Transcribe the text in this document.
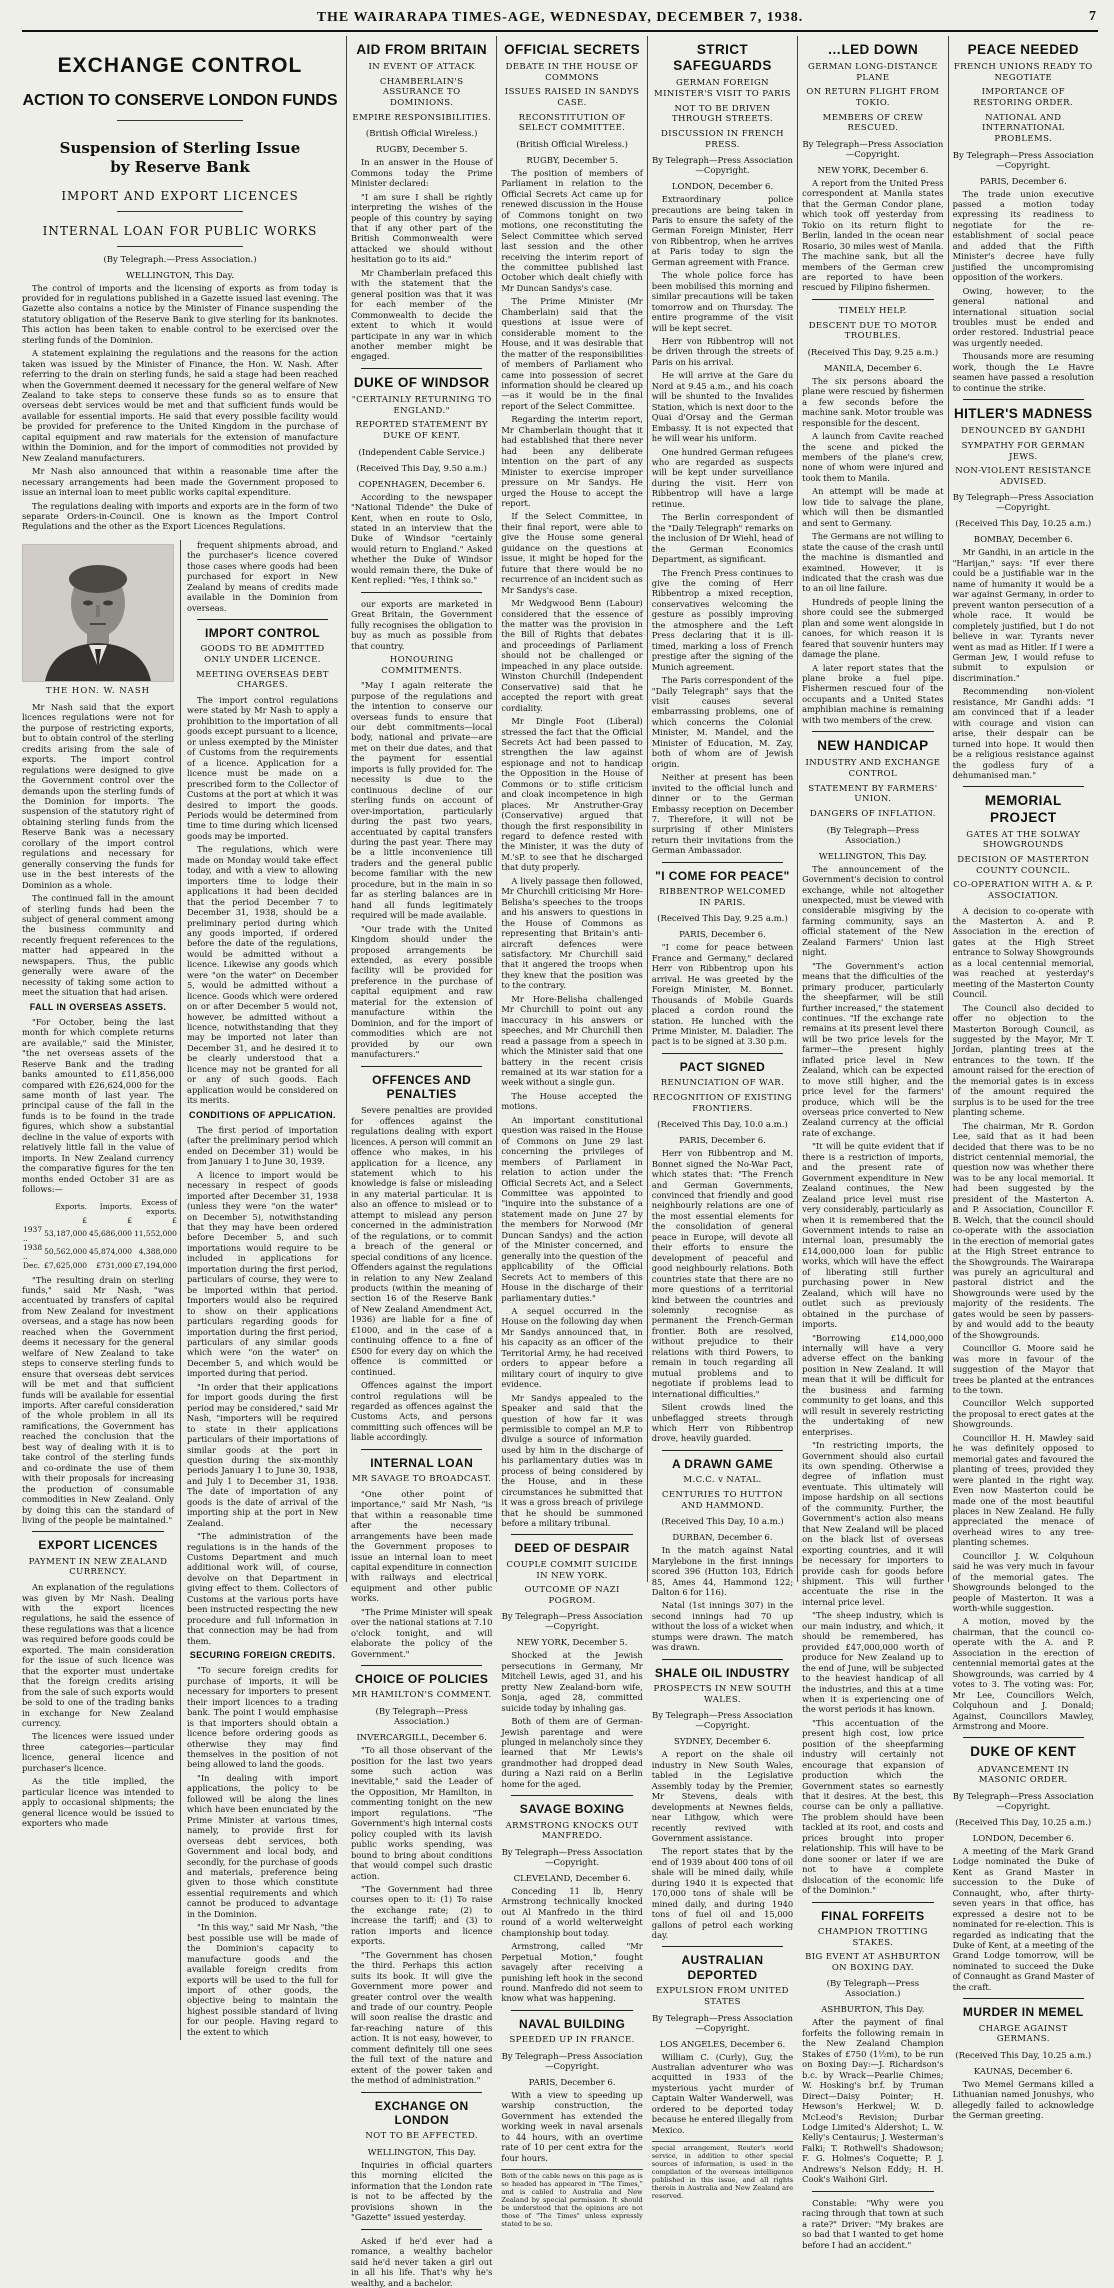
THE WAIRARAPA TIMES-AGE, WEDNESDAY, DECEMBER 7, 1938.	7
EXCHANGE CONTROL
ACTION TO CONSERVE LONDON FUNDS
Suspension of Sterling Issue
by Reserve Bank
IMPORT AND EXPORT LICENCES
INTERNAL LOAN FOR PUBLIC WORKS
(By Telegraph.—Press Association.)
WELLINGTON, This Day.

The control of imports and the licensing of exports as from today is provided for in regulations published in a Gazette issued last evening. The Gazette also contains a notice by the Minister of Finance suspending the statutory obligation of the Reserve Bank to give sterling for its banknotes. This action has been taken to enable control to be exercised over the sterling funds of the Dominion.

A statement explaining the regulations and the reasons for the action taken was issued by the Minister of Finance, the Hon. W. Nash. After referring to the drain on sterling funds, he said a stage had been reached when the Government deemed it necessary for the general welfare of New Zealand to take steps to conserve these funds so as to ensure that overseas debt services would be met and that sufficient funds would be available for essential imports. He said that every possible facility would be provided for preference to the United Kingdom in the purchase of capital equipment and raw materials for the extension of manufacture within the Dominion, and for the import of commodities not provided by New Zealand manufacturers.

Mr Nash also announced that within a reasonable time after the necessary arrangements had been made the Government proposed to issue an internal loan to meet public works capital expenditure.

The regulations dealing with imports and exports are in the form of two separate Orders-in-Council. One is known as the Import Control Regulations and the other as the Export Licences Regulations.

THE HON. W. NASH

Mr Nash said that the export licences regulations were not for the purpose of restricting exports, but to obtain control of the sterling credits arising from the sale of exports. The import control regulations were designed to give the Government control over the demands upon the sterling funds of the Dominion for imports. The suspension of the statutory right of obtaining sterling funds from the Reserve Bank was a necessary corollary of the import control regulations and necessary for generally conserving the funds for use in the best interests of the Dominion as a whole.

The continued fall in the amount of sterling funds had been the subject of general comment among the business community and recently frequent references to the matter had appeared in the newspapers. Thus, the public generally were aware of the necessity of taking some action to meet the situation that had arisen.

FALL IN OVERSEAS ASSETS.

"For October, being the last month for which complete returns are available," said the Minister, "the net overseas assets of the Reserve Bank and the trading banks amounted to £11,856,000 compared with £26,624,000 for the same month of last year. The principal cause of the fall in the funds is to be found in the trade figures, which show a substantial decline in the value of exports with relatively little fall in the value of imports. In New Zealand currency the comparative figures for the ten months ended October 31 are as follows:—

	Exports.	Imports.	Excess of exports.
	£	£	£
1937 ..	53,187,000	45,686,000	11,552,000
1938 ..	50,562,000	45,874,000	4,388,000
Dec.	£7,625,000	£731,000	£7,194,000

"The resulting drain on sterling funds," said Mr Nash, "was accentuated by transfers of capital from New Zealand for investment overseas, and a stage has now been reached when the Government deems it necessary for the general welfare of New Zealand to take steps to conserve sterling funds to ensure that overseas debt services will be met and that sufficient funds will be available for essential imports. After careful consideration of the whole problem in all its ramifications, the Government has reached the conclusion that the best way of dealing with it is to take control of the sterling funds and co-ordinate the use of them with their proposals for increasing the production of consumable commodities in New Zealand. Only by doing this can the standard of living of the people be maintained."

EXPORT LICENCES
PAYMENT IN NEW ZEALAND CURRENCY.

An explanation of the regulations was given by Mr Nash. Dealing with the export licences regulations, he said the essence of these regulations was that a licence was required before goods could be exported. The main consideration for the issue of such licence was that the exporter must undertake that the foreign credits arising from the sale of such exports would be sold to one of the trading banks in exchange for New Zealand currency.

The licences were issued under three categories—particular licence, general licence and purchaser's licence.

As the title implied, the particular licence was intended to apply to occasional shipments; the general licence would be issued to exporters who made

frequent shipments abroad, and the purchaser's licence covered those cases where goods had been purchased for export in New Zealand by means of credits made available in the Dominion from overseas.

IMPORT CONTROL
GOODS TO BE ADMITTED ONLY UNDER LICENCE.
MEETING OVERSEAS DEBT CHARGES.

The import control regulations were stated by Mr Nash to apply a prohibition to the importation of all goods except pursuant to a licence, or unless exempted by the Minister of Customs from the requirements of a licence. Application for a licence must be made on a prescribed form to the Collector of Customs at the port at which it was desired to import the goods. Periods would be determined from time to time during which licensed goods may be imported.

The regulations, which were made on Monday would take effect today, and with a view to allowing importers time to lodge their applications it had been decided that the period December 7 to December 31, 1938, should be a preliminary period during which any goods imported, if ordered before the date of the regulations, would be admitted without a licence. Likewise any goods which were "on the water" on December 5, would be admitted without a licence. Goods which were ordered on or after December 5 would not, however, be admitted without a licence, notwithstanding that they may be imported not later than December 31, and he desired it to be clearly understood that a licence may not be granted for all or any of such goods. Each application would be considered on its merits.

CONDITIONS OF APPLICATION.

The first period of importation (after the preliminary period which ended on December 31) would be from January 1 to June 30, 1939.

A licence to import would be necessary in respect of goods imported after December 31, 1938 (unless they were "on the water" on December 5), notwithstanding that they may have been ordered before December 5, and such importations would require to be included in applications for importation during the first period, particulars of course, they were to be imported within that period. Importers would also be required to show on their applications particulars regarding goods for importation during the first period, particulars of any similar goods which were "on the water" on December 5, and which would be imported during that period.

"In order that their applications for import goods during the first period may be considered," said Mr Nash, "importers will be required to state in their applications particulars of their importations of similar goods at the port in question during the six-monthly periods January 1 to June 30, 1938, and July 1 to December 31, 1938. The date of importation of any goods is the date of arrival of the importing ship at the port in New Zealand.

"The administration of the regulations is in the hands of the Customs Department and much additional work will, of course, devolve on that Department in giving effect to them. Collectors of Customs at the various ports have been instructed respecting the new procedure and full information in that connection may be had from them.

SECURING FOREIGN CREDITS.

"To secure foreign credits for purchase of imports, it will be necessary for importers to present their import licences to a trading bank. The point I would emphasise is that importers should obtain a licence before ordering goods as otherwise they may find themselves in the position of not being allowed to land the goods.

"In dealing with import applications, the policy to be followed will be along the lines which have been enunciated by the Prime Minister at various times, namely, to provide first for overseas debt services, both Government and local body, and secondly, for the purchase of goods and materials, preference being given to those which constitute essential requirements and which cannot be produced to advantage in the Dominion.

"In this way," said Mr Nash, "the best possible use will be made of the Dominion's capacity to manufacture goods and the available foreign credits from exports will be used to the full for import of other goods, the objective being to maintain the highest possible standard of living for our people. Having regard to the extent to which

AID FROM BRITAIN
IN EVENT OF ATTACK
CHAMBERLAIN'S ASSURANCE TO DOMINIONS.
EMPIRE RESPONSIBILITIES.
(British Official Wireless.)
RUGBY, December 5.

In an answer in the House of Commons today the Prime Minister declared:

"I am sure I shall be rightly interpreting the wishes of the people of this country by saying that if any other part of the British Commonwealth were attacked we should without hesitation go to its aid."

Mr Chamberlain prefaced this with the statement that the general position was that it was for each member of the Commonwealth to decide the extent to which it would participate in any war in which another member might be engaged.

DUKE OF WINDSOR
"CERTAINLY RETURNING TO ENGLAND."
REPORTED STATEMENT BY DUKE OF KENT.
(Independent Cable Service.)
(Received This Day, 9.50 a.m.)
COPENHAGEN, December 6.

According to the newspaper "National Tidende" the Duke of Kent, when en route to Oslo, stated in an interview that the Duke of Windsor "certainly would return to England." Asked whether the Duke of Windsor would remain there, the Duke of Kent replied: "Yes, I think so."

our exports are marketed in Great Britain, the Government fully recognises the obligation to buy as much as possible from that country.

HONOURING COMMITMENTS.

"May I again reiterate the purpose of the regulations and the intention to conserve our overseas funds to ensure that our debt commitments—local body, national and private—are met on their due dates, and that the payment for essential imports is fully provided for. The necessity is due to the continuous decline of our sterling funds on account of over-importation, particularly during the past two years, accentuated by capital transfers during the past year. There may be a little inconvenience till traders and the general public become familiar with the new procedure, but in the main in so far as sterling balances are in hand all funds legitimately required will be made available.

"Our trade with the United Kingdom should under the proposed arrangements be extended, as every possible facility will be provided for preference in the purchase of capital equipment and raw material for the extension of manufacture within the Dominion, and for the import of commodities which are not provided by our own manufacturers."

OFFENCES AND PENALTIES

Severe penalties are provided for offences against the regulations dealing with export licences. A person will commit an offence who makes, in his application for a licence, any statement which to his knowledge is false or misleading in any material particular. It is also an offence to mislead or to attempt to mislead any person concerned in the administration of the regulations, or to commit a breach of the general or special conditions of any licence. Offenders against the regulations in relation to any New Zealand products (within the meaning of section 16 of the Reserve Bank of New Zealand Amendment Act, 1936) are liable for a fine of £1000, and in the case of a continuing offence to a fine of £500 for every day on which the offence is committed or continued.

Offences against the import control regulations will be regarded as offences against the Customs Acts, and persons committing such offences will be liable accordingly.

INTERNAL LOAN
MR SAVAGE TO BROADCAST.

"One other point of importance," said Mr Nash, "is that within a reasonable time after the necessary arrangements have been made the Government proposes to issue an internal loan to meet capital expenditure in connection with railways and electrical equipment and other public works.

"The Prime Minister will speak over the national stations at 7.10 o'clock tonight, and will elaborate the policy of the Government."

CHOICE OF POLICIES
MR HAMILTON'S COMMENT.
(By Telegraph—Press Association.)
INVERCARGILL, December 6.

"To all those observant of the position for the last two years some such action was inevitable," said the Leader of the Opposition, Mr Hamilton, in commenting tonight on the new import regulations. "The Government's high internal costs policy coupled with its lavish public works spending, was bound to bring about conditions that would compel such drastic action.

"The Government had three courses open to it: (1) To raise the exchange rate; (2) to increase the tariff; and (3) to ration imports and licence exports.

"The Government has chosen the third. Perhaps this action suits its book. It will give the Government more power and greater control over the wealth and trade of our country. People will soon realise the drastic and far-reaching nature of this action. It is not easy, however, to comment definitely till one sees the full text of the nature and extent of the power taken and the method of administration."

EXCHANGE ON LONDON
NOT TO BE AFFECTED.
WELLINGTON, This Day.

Inquiries in official quarters this morning elicited the information that the London rate is not to be affected by the provisions shown in the "Gazette" issued yesterday.

Asked if he'd ever had a romance, a wealthy bachelor said he'd never taken a girl out in all his life. That's why he's wealthy, and a bachelor.

OFFICIAL SECRETS
DEBATE IN THE HOUSE OF COMMONS
ISSUES RAISED IN SANDYS CASE.
RECONSTITUTION OF SELECT COMMITTEE.
(British Official Wireless.)
RUGBY, December 5.

The position of members of Parliament in relation to the Official Secrets Act came up for renewed discussion in the House of Commons tonight on two motions, one reconstituting the Select Committee which served last session and the other receiving the interim report of the committee published last October which dealt chiefly with Mr Duncan Sandys's case.

The Prime Minister (Mr Chamberlain) said that the questions at issue were of considerable moment to the House, and it was desirable that the matter of the responsibilities of members of Parliament who came into possession of secret information should be cleared up—as it would be in the final report of the Select Committee.

Regarding the interim report, Mr Chamberlain thought that it had established that there never had been any deliberate intention on the part of any Minister to exercise improper pressure on Mr Sandys. He urged the House to accept the report.

If the Select Committee, in their final report, were able to give the House some general guidance on the questions at issue, it might be hoped for the future that there would be no recurrence of an incident such as Mr Sandys's case.

Mr Wedgwood Benn (Labour) considered that the essence of the matter was the provision in the Bill of Rights that debates and proceedings of Parliament should not be challenged or impeached in any place outside. Winston Churchill (Independent Conservative) said that he accepted the report with great cordiality.

Mr Dingle Foot (Liberal) stressed the fact that the Official Secrets Act had been passed to strengthen the law against espionage and not to handicap the Opposition in the House of Commons or to stifle criticism and cloak incompetence in high places. Mr Anstruther-Gray (Conservative) argued that though the first responsibility in regard to defence rested with the Minister, it was the duty of M.'sP. to see that he discharged that duty properly.

A lively passage then followed, Mr Churchill criticising Mr Hore-Belisha's speeches to the troops and his answers to questions in the House of Commons as representing that Britain's anti-aircraft defences were satisfactory. Mr Churchill said that it angered the troops when they knew that the position was to the contrary.

Mr Hore-Belisha challenged Mr Churchill to point out any inaccuracy in his answers or speeches, and Mr Churchill then read a passage from a speech in which the Minister said that one battery in the recent crisis remained at its war station for a week without a single gun.

The House accepted the motions.

An important constitutional question was raised in the House of Commons on June 29 last concerning the privileges of members of Parliament in relation to action under the Official Secrets Act, and a Select Committee was appointed to "inquire into the substance of a statement made on June 27 by the members for Norwood (Mr Duncan Sandys) and the action of the Minister concerned, and generally into the question of the applicability of the Official Secrets Act to members of this House in the discharge of their parliamentary duties."

A sequel occurred in the House on the following day when Mr Sandys announced that, in his capacity as an officer of the Territorial Army, he had received orders to appear before a military court of inquiry to give evidence.

Mr Sandys appealed to the Speaker and said that the question of how far it was permissible to compel an M.P. to divulge a source of information used by him in the discharge of his parliamentary duties was in process of being considered by the House, and in these circumstances he submitted that it was a gross breach of privilege that he should be summoned before a military tribunal.

DEED OF DESPAIR
COUPLE COMMIT SUICIDE IN NEW YORK.
OUTCOME OF NAZI POGROM.
By Telegraph—Press Association—Copyright.
NEW YORK, December 5.

Shocked at the Jewish persecutions in Germany, Mr Mitchell Lewis, aged 31, and his pretty New Zealand-born wife, Sonja, aged 28, committed suicide today by inhaling gas.

Both of them are of German-Jewish parentage and were plunged in melancholy since they learned that Mr Lewis's grandmother had dropped dead during a Nazi raid on a Berlin home for the aged.

SAVAGE BOXING
ARMSTRONG KNOCKS OUT MANFREDO.
By Telegraph—Press Association—Copyright.
CLEVELAND, December 6.

Conceding 11 lb, Henry Armstrong technically knocked out Al Manfredo in the third round of a world welterweight championship bout today.

Armstrong, called "Mr Perpetual Motion," fought savagely after receiving a punishing left hook in the second round. Manfredo did not seem to know what was happening.

NAVAL BUILDING
SPEEDED UP IN FRANCE.
By Telegraph—Press Association—Copyright.
PARIS, December 6.

With a view to speeding up warship construction, the Government has extended the working week in naval arsenals to 44 hours, with an overtime rate of 10 per cent extra for the four hours.

Both of the cable news on this page as is so headed has appeared in "The Times," and is cabled to Australia and New Zealand by special permission. It should be understood that the opinions are not those of "The Times" unless expressly stated to be so.
STRICT SAFEGUARDS
GERMAN FOREIGN MINISTER'S VISIT TO PARIS
NOT TO BE DRIVEN THROUGH STREETS.
DISCUSSION IN FRENCH PRESS.
By Telegraph—Press Association—Copyright.
LONDON, December 6.

Extraordinary police precautions are being taken in Paris to ensure the safety of the German Foreign Minister, Herr von Ribbentrop, when he arrives at Paris today to sign the German agreement with France.

The whole police force has been mobilised this morning and similar precautions will be taken tomorrow and on Thursday. The entire programme of the visit will be kept secret.

Herr von Ribbentrop will not be driven through the streets of Paris on his arrival.

He will arrive at the Gare du Nord at 9.45 a.m., and his coach will be shunted to the Invalides Station, which is next door to the Quai d'Orsay and the German Embassy. It is not expected that he will wear his uniform.

One hundred German refugees who are regarded as suspects will be kept under surveillance during the visit. Herr von Ribbentrop will have a large retinue.

The Berlin correspondent of the "Daily Telegraph" remarks on the inclusion of Dr Wiehl, head of the German Economics Department, as significant.

The French Press continues to give the coming of Herr Ribbentrop a mixed reception, conservatives welcoming the gesture as possibly improving the atmosphere and the Left Press declaring that it is ill-timed, marking a loss of French prestige after the signing of the Munich agreement.

The Paris correspondent of the "Daily Telegraph" says that the visit causes several embarrassing problems, one of which concerns the Colonial Minister, M. Mandel, and the Minister of Education, M. Zay, both of whom are of Jewish origin.

Neither at present has been invited to the official lunch and dinner or to the German Embassy reception on December 7. Therefore, it will not be surprising if other Ministers return their invitations from the German Ambassador.

"I COME FOR PEACE"
RIBBENTROP WELCOMED IN PARIS.
(Received This Day, 9.25 a.m.)
PARIS, December 6.

"I come for peace between France and Germany," declared Herr von Ribbentrop upon his arrival. He was greeted by the Foreign Minister, M. Bonnet. Thousands of Mobile Guards placed a cordon round the station. He lunched with the Prime Minister, M. Daladier. The pact is to be signed at 3.30 p.m.

PACT SIGNED
RENUNCIATION OF WAR.
RECOGNITION OF EXISTING FRONTIERS.
(Received This Day, 10.0 a.m.)
PARIS, December 6.

Herr von Ribbentrop and M. Bonnet signed the No-War Pact, which states that: "The French and German Governments, convinced that friendly and good neighbourly relations are one of the most essential elements for the consolidation of general peace in Europe, will devote all their efforts to ensure the development of peaceful and good neighbourly relations. Both countries state that there are no more questions of a territorial kind between the countries and solemnly recognise as permanent the French-German frontier. Both are resolved, without prejudice to their relations with third Powers, to remain in touch regarding all mutual problems and to negotiate if problems lead to international difficulties."

Silent crowds lined the unbeflagged streets through which Herr von Ribbentrop drove, heavily guarded.

A DRAWN GAME
M.C.C. v NATAL.
CENTURIES TO HUTTON AND HAMMOND.
(Received This Day, 10 a.m.)
DURBAN, December 6.

In the match against Natal Marylebone in the first innings scored 396 (Hutton 103, Edrich 85, Ames 44, Hammond 122; Dalton 6 for 116).

Natal (1st innings 307) in the second innings had 70 up without the loss of a wicket when stumps were drawn. The match was drawn.

SHALE OIL INDUSTRY
PROSPECTS IN NEW SOUTH WALES.
By Telegraph—Press Association—Copyright.
SYDNEY, December 6.

A report on the shale oil industry in New South Wales, tabled in the Legislative Assembly today by the Premier, Mr Stevens, deals with developments at Newnes fields, near Lithgow, which were recently revived with Government assistance.

The report states that by the end of 1939 about 400 tons of oil shale will be mined daily, while during 1940 it is expected that 170,000 tons of shale will be mined daily, and during 1940 tons of fuel oil and 15,000 gallons of petrol each working day.

AUSTRALIAN DEPORTED
EXPULSION FROM UNITED STATES
By Telegraph—Press Association—Copyright.
LOS ANGELES, December 6.

William C. (Curly), Guy, the Australian adventurer who was acquitted in 1933 of the mysterious yacht murder of Captain Walter Wanderwell, was ordered to be deported today because he entered illegally from Mexico.

special arrangement, Reuter's world service, in addition to other special sources of information, is used in the compilation of the overseas intelligence published in this issue, and all rights therein in Australia and New Zealand are reserved.
…LED DOWN
GERMAN LONG-DISTANCE PLANE
ON RETURN FLIGHT FROM TOKIO.
MEMBERS OF CREW RESCUED.
By Telegraph—Press Association—Copyright.
NEW YORK, December 6.

A report from the United Press correspondent at Manila states that the German Condor plane, which took off yesterday from Tokio on its return flight to Berlin, landed in the ocean near Rosario, 30 miles west of Manila. The machine sank, but all the members of the German crew are reported to have been rescued by Filipino fishermen.

TIMELY HELP.
DESCENT DUE TO MOTOR TROUBLES.
(Received This Day, 9.25 a.m.)
MANILA, December 6.

The six persons aboard the plane were rescued by fishermen a few seconds before the machine sank. Motor trouble was responsible for the descent.

A launch from Cavite reached the scene and picked the members of the plane's crew, none of whom were injured and took them to Manila.

An attempt will be made at low tide to salvage the plane, which will then be dismantled and sent to Germany.

The Germans are not willing to state the cause of the crash until the machine is dismantled and examined. However, it is indicated that the crash was due to an oil line failure.

Hundreds of people lining the shore could see the submerged plan and some went alongside in canoes, for which reason it is feared that souvenir hunters may damage the plane.

A later report states that the plane broke a fuel pipe. Fishermen rescued four of the occupants and a United States amphibian machine is remaining with two members of the crew.

NEW HANDICAP
INDUSTRY AND EXCHANGE CONTROL
STATEMENT BY FARMERS' UNION.
DANGERS OF INFLATION.
(By Telegraph—Press Association.)
WELLINGTON, This Day.

The announcement of the Government's decision to control exchange, while not altogether unexpected, must be viewed with considerable misgiving by the farming community, says an official statement of the New Zealand Farmers' Union last night.

"The Government's action means that the difficulties of the primary producer, particularly the sheepfarmer, will be still further increased," the statement continues. "If the exchange rate remains at its present level there will be two price levels for the farmer—the present highly inflated price level in New Zealand, which can be expected to move still higher, and the price level for the farmers' produce, which will be the overseas price converted to New Zealand currency at the official rate of exchange.

"It will be quite evident that if there is a restriction of imports, and the present rate of Government expenditure in New Zealand continues, the New Zealand price level must rise very considerably, particularly as when it is remembered that the Government intends to raise an internal loan, presumably the £14,000,000 loan for public works, which will have the effect of liberating still further purchasing power in New Zealand, which will have no outlet such as previously obtained in the purchase of imports.

"Borrowing £14,000,000 internally will have a very adverse effect on the banking position in New Zealand. It will mean that it will be difficult for the business and farming community to get loans, and this will result in severely restricting the undertaking of new enterprises.

"In restricting imports, the Government should also curtail its own spending. Otherwise a degree of inflation must eventuate. This ultimately will impose hardship on all sections of the community. Further, the Government's action also means that New Zealand will be placed on the black list of overseas exporting countries, and it will be necessary for importers to provide cash for goods before shipment. This will further accentuate the rise in the internal price level.

"The sheep industry, which is our main industry, and which, it should be remembered, has provided £47,000,000 worth of produce for New Zealand up to the end of June, will be subjected to the heaviest handicap of all the industries, and this at a time when it is experiencing one of the worst periods it has known.

"This accentuation of the present high cost, low price position of the sheepfarming industry will certainly not encourage that expansion of production which the Government states so earnestly that it desires. At the best, this course can be only a palliative. The problem should have been tackled at its root, and costs and prices brought into proper relationship. This will have to be done sooner or later if we are not to have a complete dislocation of the economic life of the Dominion."

FINAL FORFEITS
CHAMPION TROTTING STAKES.
BIG EVENT AT ASHBURTON ON BOXING DAY.
(By Telegraph—Press Association.)
ASHBURTON, This Day.

After the payment of final forfeits the following remain in the New Zealand Champion Stakes of £750 (1½m), to be run on Boxing Day:—J. Richardson's b.c. by Wrack—Pearlie Chimes; W. Hosking's br.f. by Truman Direct—Daisy Pointer; H. Hewson's Herkwel; W. D. McLeod's Revision; Durbar Lodge Limited's Aldershot; L. W. Kelly's Centaurus; J. Westerman's Falki; T. Rothwell's Shadowson; F. G. Holmes's Coquette; P. J. Andrews's Nelson Eddy; H. H. Cook's Waihoni Girl.

Constable: "Why were you racing through that town at such a rate?" Driver: "My brakes are so bad that I wanted to get home before I had an accident."

PEACE NEEDED
FRENCH UNIONS READY TO NEGOTIATE
IMPORTANCE OF RESTORING ORDER.
NATIONAL AND INTERNATIONAL PROBLEMS.
By Telegraph—Press Association—Copyright.
PARIS, December 6.

The trade union executive passed a motion today expressing its readiness to negotiate for the re-establishment of social peace and added that the Fifth Minister's decree have fully justified the uncompromising opposition of the workers.

Owing, however, to the general national and international situation social troubles must be ended and order restored. Industrial peace was urgently needed.

Thousands more are resuming work, though the Le Havre seamen have passed a resolution to continue the strike.

HITLER'S MADNESS
DENOUNCED BY GANDHI
SYMPATHY FOR GERMAN JEWS.
NON-VIOLENT RESISTANCE ADVISED.
By Telegraph—Press Association—Copyright.
(Received This Day, 10.25 a.m.)
BOMBAY, December 6.

Mr Gandhi, in an article in the "Harijan," says: "If ever there could be a justifiable war in the name of humanity it would be a war against Germany, in order to prevent wanton persecution of a whole race. It would be completely justified, but I do not believe in war. Tyrants never went as mad as Hitler. If I were a German Jew, I would refuse to submit to expulsion or discrimination."

Recommending non-violent resistance, Mr Gandhi adds: "I am convinced that if a leader with courage and vision can arise, their despair can be turned into hope. It would then be a religious resistance against the godless fury of a dehumanised man."

MEMORIAL PROJECT
GATES AT THE SOLWAY SHOWGROUNDS
DECISION OF MASTERTON COUNTY COUNCIL.
CO-OPERATION WITH A. & P. ASSOCIATION.

A decision to co-operate with the Masterton A. and P. Association in the erection of gates at the High Street entrance to Solway Showgrounds as a local centennial memorial, was reached at yesterday's meeting of the Masterton County Council.

The Council also decided to offer no objection to the Masterton Borough Council, as suggested by the Mayor, Mr T. Jordan, planting trees at the entrances to the town. If the amount raised for the erection of the memorial gates is in excess of the amount required the surplus is to be used for the tree planting scheme.

The chairman, Mr R. Gordon Lee, said that as it had been decided that there was to be no district centennial memorial, the question now was whether there was to be any local memorial. It had been suggested by the president of the Masterton A. and P. Association, Councillor F. B. Welch, that the council should co-operate with the association in the erection of memorial gates at the High Street entrance to the Showgrounds. The Wairarapa was purely an agricultural and pastoral district and the Showgrounds were used by the majority of the residents. The gates would be seen by passers-by and would add to the beauty of the Showgrounds.

Councillor G. Moore said he was more in favour of the suggestion of the Mayor that trees be planted at the entrances to the town.

Councillor Welch supported the proposal to erect gates at the Showgrounds.

Councillor H. H. Mawley said he was definitely opposed to memorial gates and favoured the planting of trees, provided they were planted in the right way. Even now Masterton could be made one of the most beautiful places in New Zealand. He fully appreciated the menace of overhead wires to any tree-planting schemes.

Councillor J. W. Colquhoun said he was very much in favour of the memorial gates. The Showgrounds belonged to the people of Masterton. It was a worth-while suggestion.

A motion, moved by the chairman, that the council co-operate with the A. and P. Association in the erection of centennial memorial gates at the Showgrounds, was carried by 4 votes to 3. The voting was: For, Mr Lee, Councillors Welch, Colquhoun and J. Donald; Against, Councillors Mawley, Armstrong and Moore.

DUKE OF KENT
ADVANCEMENT IN MASONIC ORDER.
By Telegraph—Press Association—Copyright.
(Received This Day, 10.25 a.m.)
LONDON, December 6.

A meeting of the Mark Grand Lodge nominated the Duke of Kent as Grand Master in succession to the Duke of Connaught, who, after thirty-seven years in that office, has expressed a desire not to be nominated for re-election. This is regarded as indicating that the Duke of Kent, at a meeting of the Grand Lodge tomorrow, will be nominated to succeed the Duke of Connaught as Grand Master of the craft.

MURDER IN MEMEL
CHARGE AGAINST GERMANS.
(Received This Day, 10.25 a.m.)
KAUNAS, December 6.

Two Memel Germans killed a Lithuanian named Jonushys, who allegedly failed to acknowledge the German greeting.
